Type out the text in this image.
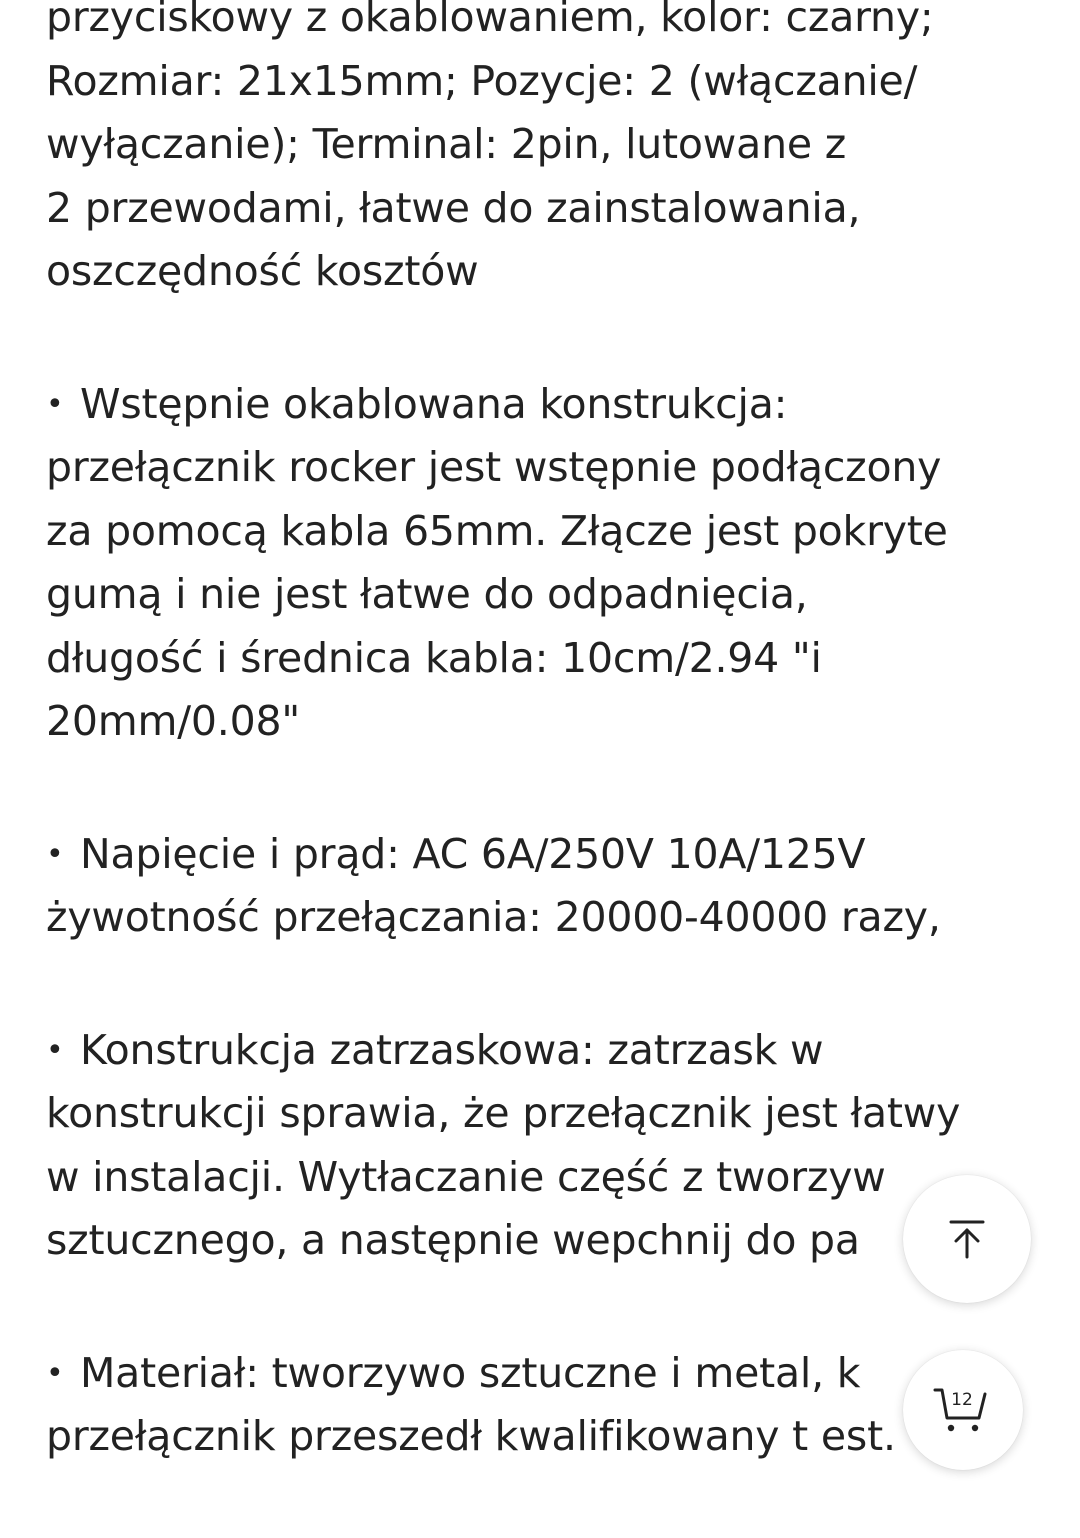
przyciskowy z okablowaniem, kolor: czarny;
Rozmiar: 21x15mm; Pozycje: 2 (włączanie/
wyłączanie); Terminal: 2pin, lutowane z
2 przewodami, łatwe do zainstalowania,
oszczędność kosztów
• Wstępnie okablowana konstrukcja:
przełącznik rocker jest wstępnie podłączony
za pomocą kabla 65mm. Złącze jest pokryte
gumą i nie jest łatwe do odpadnięcia,
długość i średnica kabla: 10cm/2.94 "i
20mm/0.08"
• Napięcie i prąd: AC 6A/250V 10A/125V
żywotność przełączania: 20000-40000 razy,
• Konstrukcja zatrzaskowa: zatrzask w
konstrukcji sprawia, że przełącznik jest łatwy
w instalacji. Wytłaczanie część z tworzyw
sztucznego, a następnie wepchnij do pa
• Materiał: tworzywo sztuczne i metal, k
przełącznik przeszedł kwalifikowany t est.
12
